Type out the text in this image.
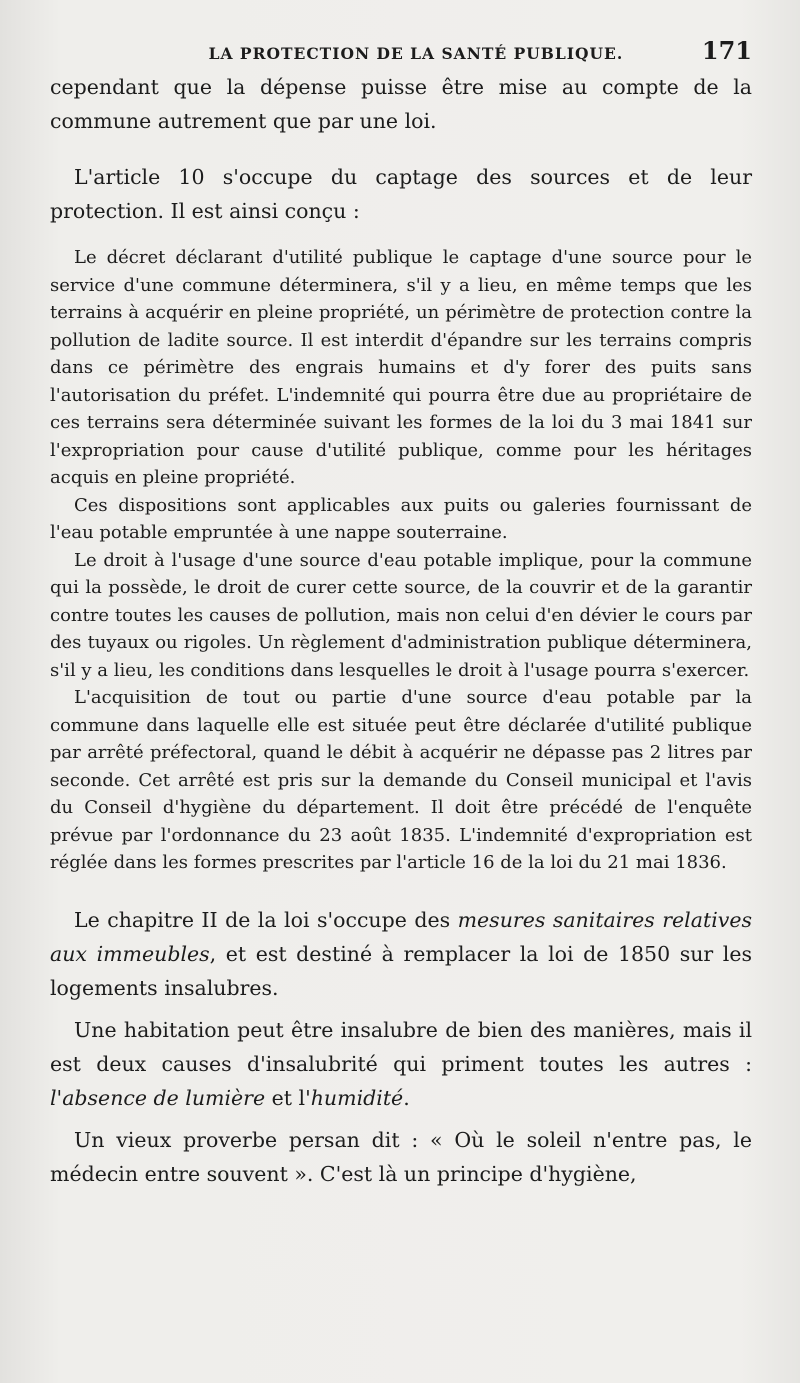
LA PROTECTION DE LA SANTÉ PUBLIQUE.	171

cependant que la dépense puisse être mise au compte de la commune autrement que par une loi.

L'article 10 s'occupe du captage des sources et de leur protection. Il est ainsi conçu :

Le décret déclarant d'utilité publique le captage d'une source pour le service d'une commune déterminera, s'il y a lieu, en même temps que les terrains à acquérir en pleine propriété, un périmètre de protection contre la pollution de ladite source. Il est interdit d'épandre sur les terrains compris dans ce périmètre des engrais humains et d'y forer des puits sans l'autorisation du préfet. L'indemnité qui pourra être due au propriétaire de ces terrains sera déterminée suivant les formes de la loi du 3 mai 1841 sur l'expropriation pour cause d'utilité publique, comme pour les héritages acquis en pleine propriété.

Ces dispositions sont applicables aux puits ou galeries fournissant de l'eau potable empruntée à une nappe souterraine.

Le droit à l'usage d'une source d'eau potable implique, pour la commune qui la possède, le droit de curer cette source, de la couvrir et de la garantir contre toutes les causes de pollution, mais non celui d'en dévier le cours par des tuyaux ou rigoles. Un règlement d'administration publique déterminera, s'il y a lieu, les conditions dans lesquelles le droit à l'usage pourra s'exercer.

L'acquisition de tout ou partie d'une source d'eau potable par la commune dans laquelle elle est située peut être déclarée d'utilité publique par arrêté préfectoral, quand le débit à acquérir ne dépasse pas 2 litres par seconde. Cet arrêté est pris sur la demande du Conseil municipal et l'avis du Conseil d'hygiène du département. Il doit être précédé de l'enquête prévue par l'ordonnance du 23 août 1835. L'indemnité d'expropriation est réglée dans les formes prescrites par l'article 16 de la loi du 21 mai 1836.

Le chapitre II de la loi s'occupe des mesures sanitaires relatives aux immeubles, et est destiné à remplacer la loi de 1850 sur les logements insalubres.

Une habitation peut être insalubre de bien des manières, mais il est deux causes d'insalubrité qui priment toutes les autres : l'absence de lumière et l'humidité.

Un vieux proverbe persan dit : « Où le soleil n'entre pas, le médecin entre souvent ». C'est là un principe d'hygiène,
